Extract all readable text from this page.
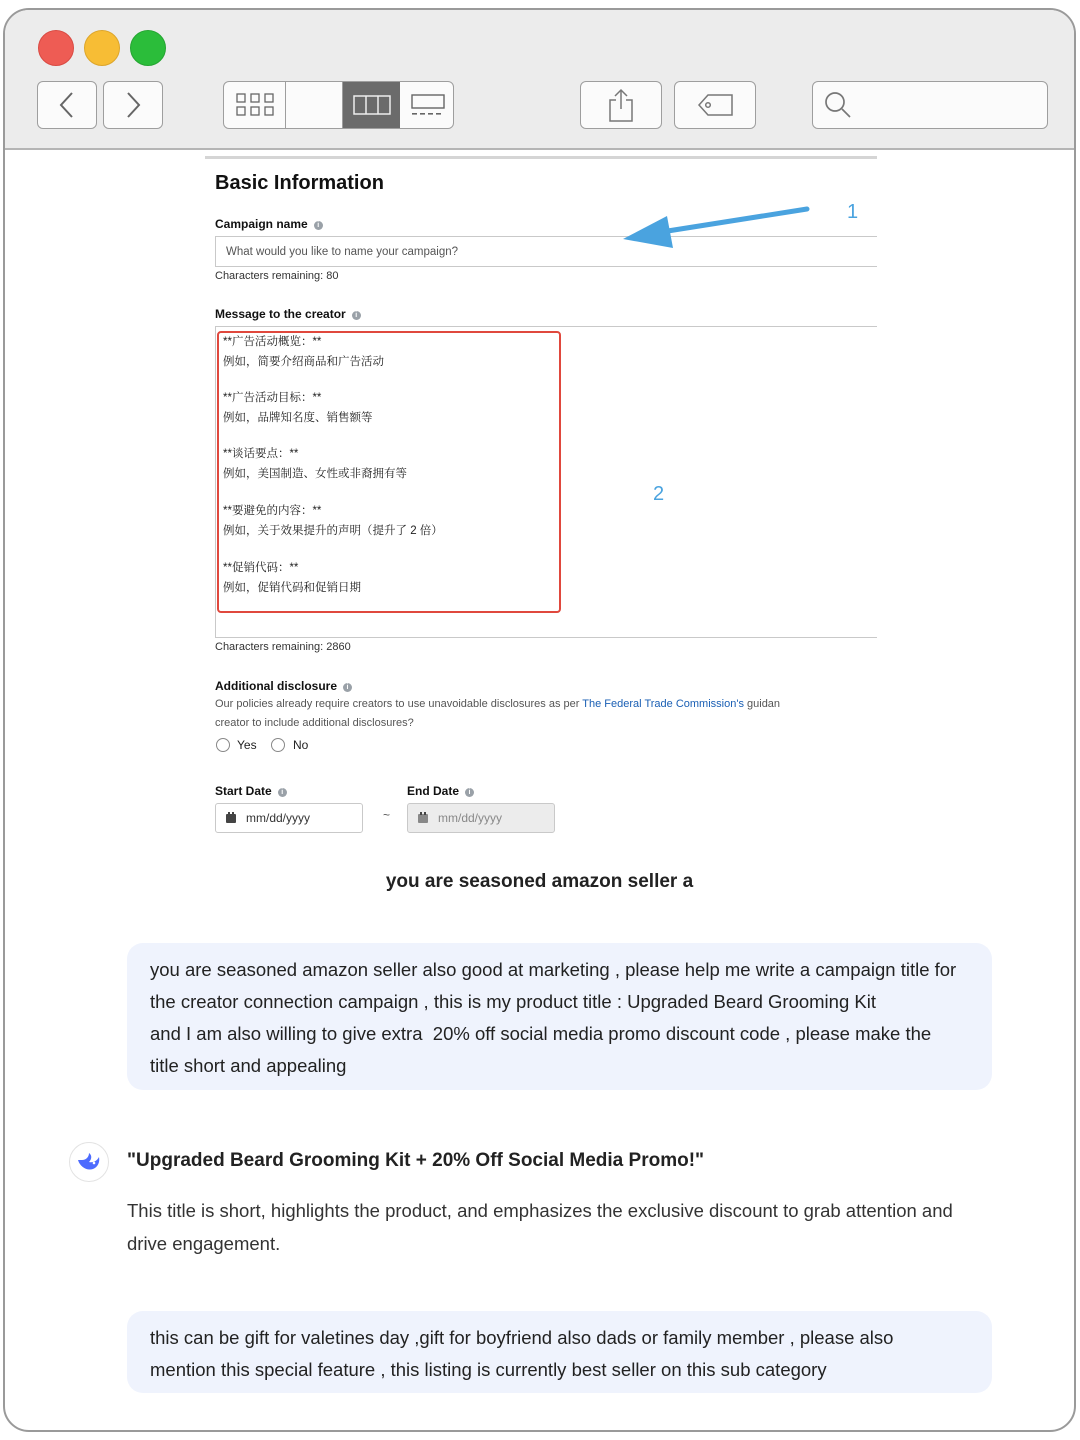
Basic Information
Campaign name i
What would you like to name your campaign?
Characters remaining: 80
1
Message to the creator i
**广告活动概览：**
例如，简要介绍商品和广告活动
**广告活动目标：**
例如，品牌知名度、销售额等
**谈话要点：**
例如，美国制造、女性或非裔拥有等
**要避免的内容：**
例如，关于效果提升的声明（提升了 2 倍）
**促销代码：**
例如，促销代码和促销日期
2
Characters remaining: 2860
Additional disclosure i
Our policies already require creators to use unavoidable disclosures as per The Federal Trade Commission's guidan
creator to include additional disclosures?
Yes	No
Start Date i
mm/dd/yyyy	~
End Date i
mm/dd/yyyy
you are seasoned amazon seller a
you are seasoned amazon seller also good at marketing , please help me write a campaign title for
the creator connection campaign , this is my product title : Upgraded Beard Grooming Kit
and I am also willing to give extra  20% off social media promo discount code , please make the
title short and appealing
"Upgraded Beard Grooming Kit + 20% Off Social Media Promo!"
This title is short, highlights the product, and emphasizes the exclusive discount to grab attention and
drive engagement.
this can be gift for valetines day ,gift for boyfriend also dads or family member , please also
mention this special feature , this listing is currently best seller on this sub category
